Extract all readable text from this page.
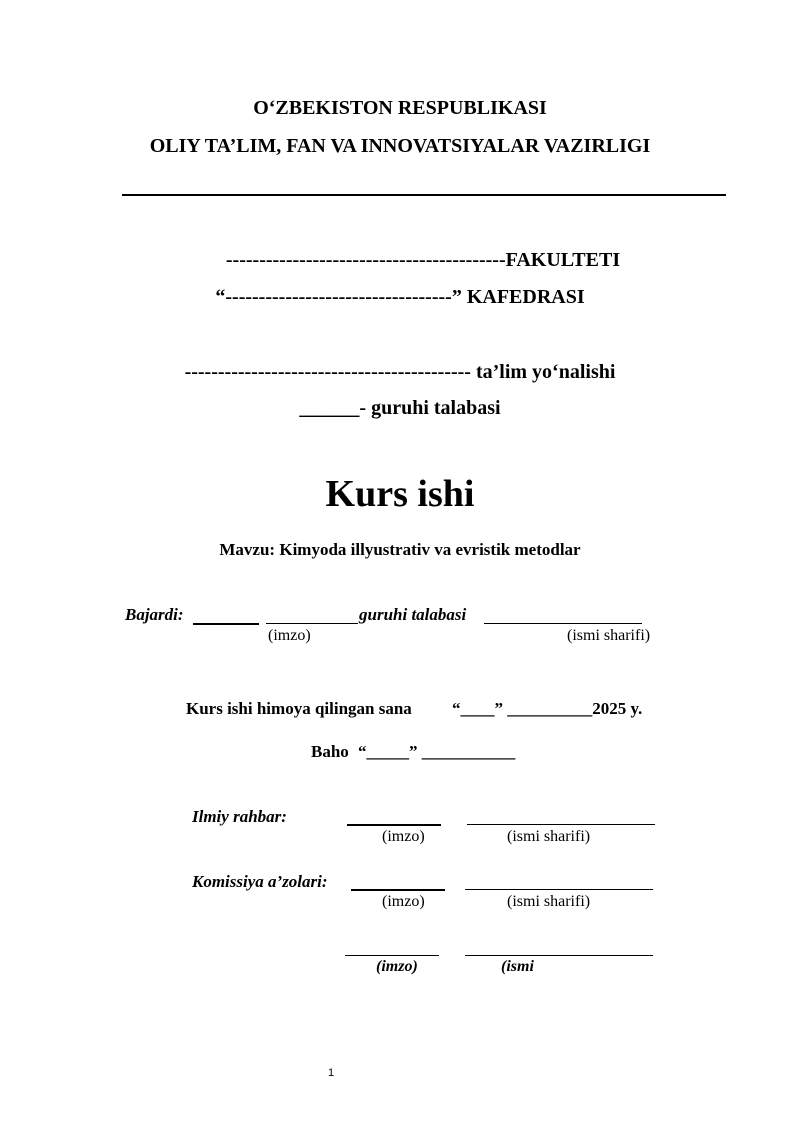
O‘ZBEKISTON RESPUBLIKASI
OLIY TA’LIM, FAN VA INNOVATSIYALAR VAZIRLIGI
------------------------------------------FAKULTETI
“----------------------------------” KAFEDRASI
------------------------------------------- ta’lim yo‘nalishi
______- guruhi talabasi
Kurs ishi
Mavzu: Kimyoda illyustrativ va evristik metodlar
Bajardi:	guruhi talabasi
(imzo)	(ismi sharifi)
Kurs ishi himoya qilingan sana “____” __________2025 y.
Baho “_____” ___________
Ilmiy rahbar:
(imzo)	(ismi sharifi)
Komissiya a’zolari:
(imzo)	(ismi sharifi)
(imzo)	(ismi
1
